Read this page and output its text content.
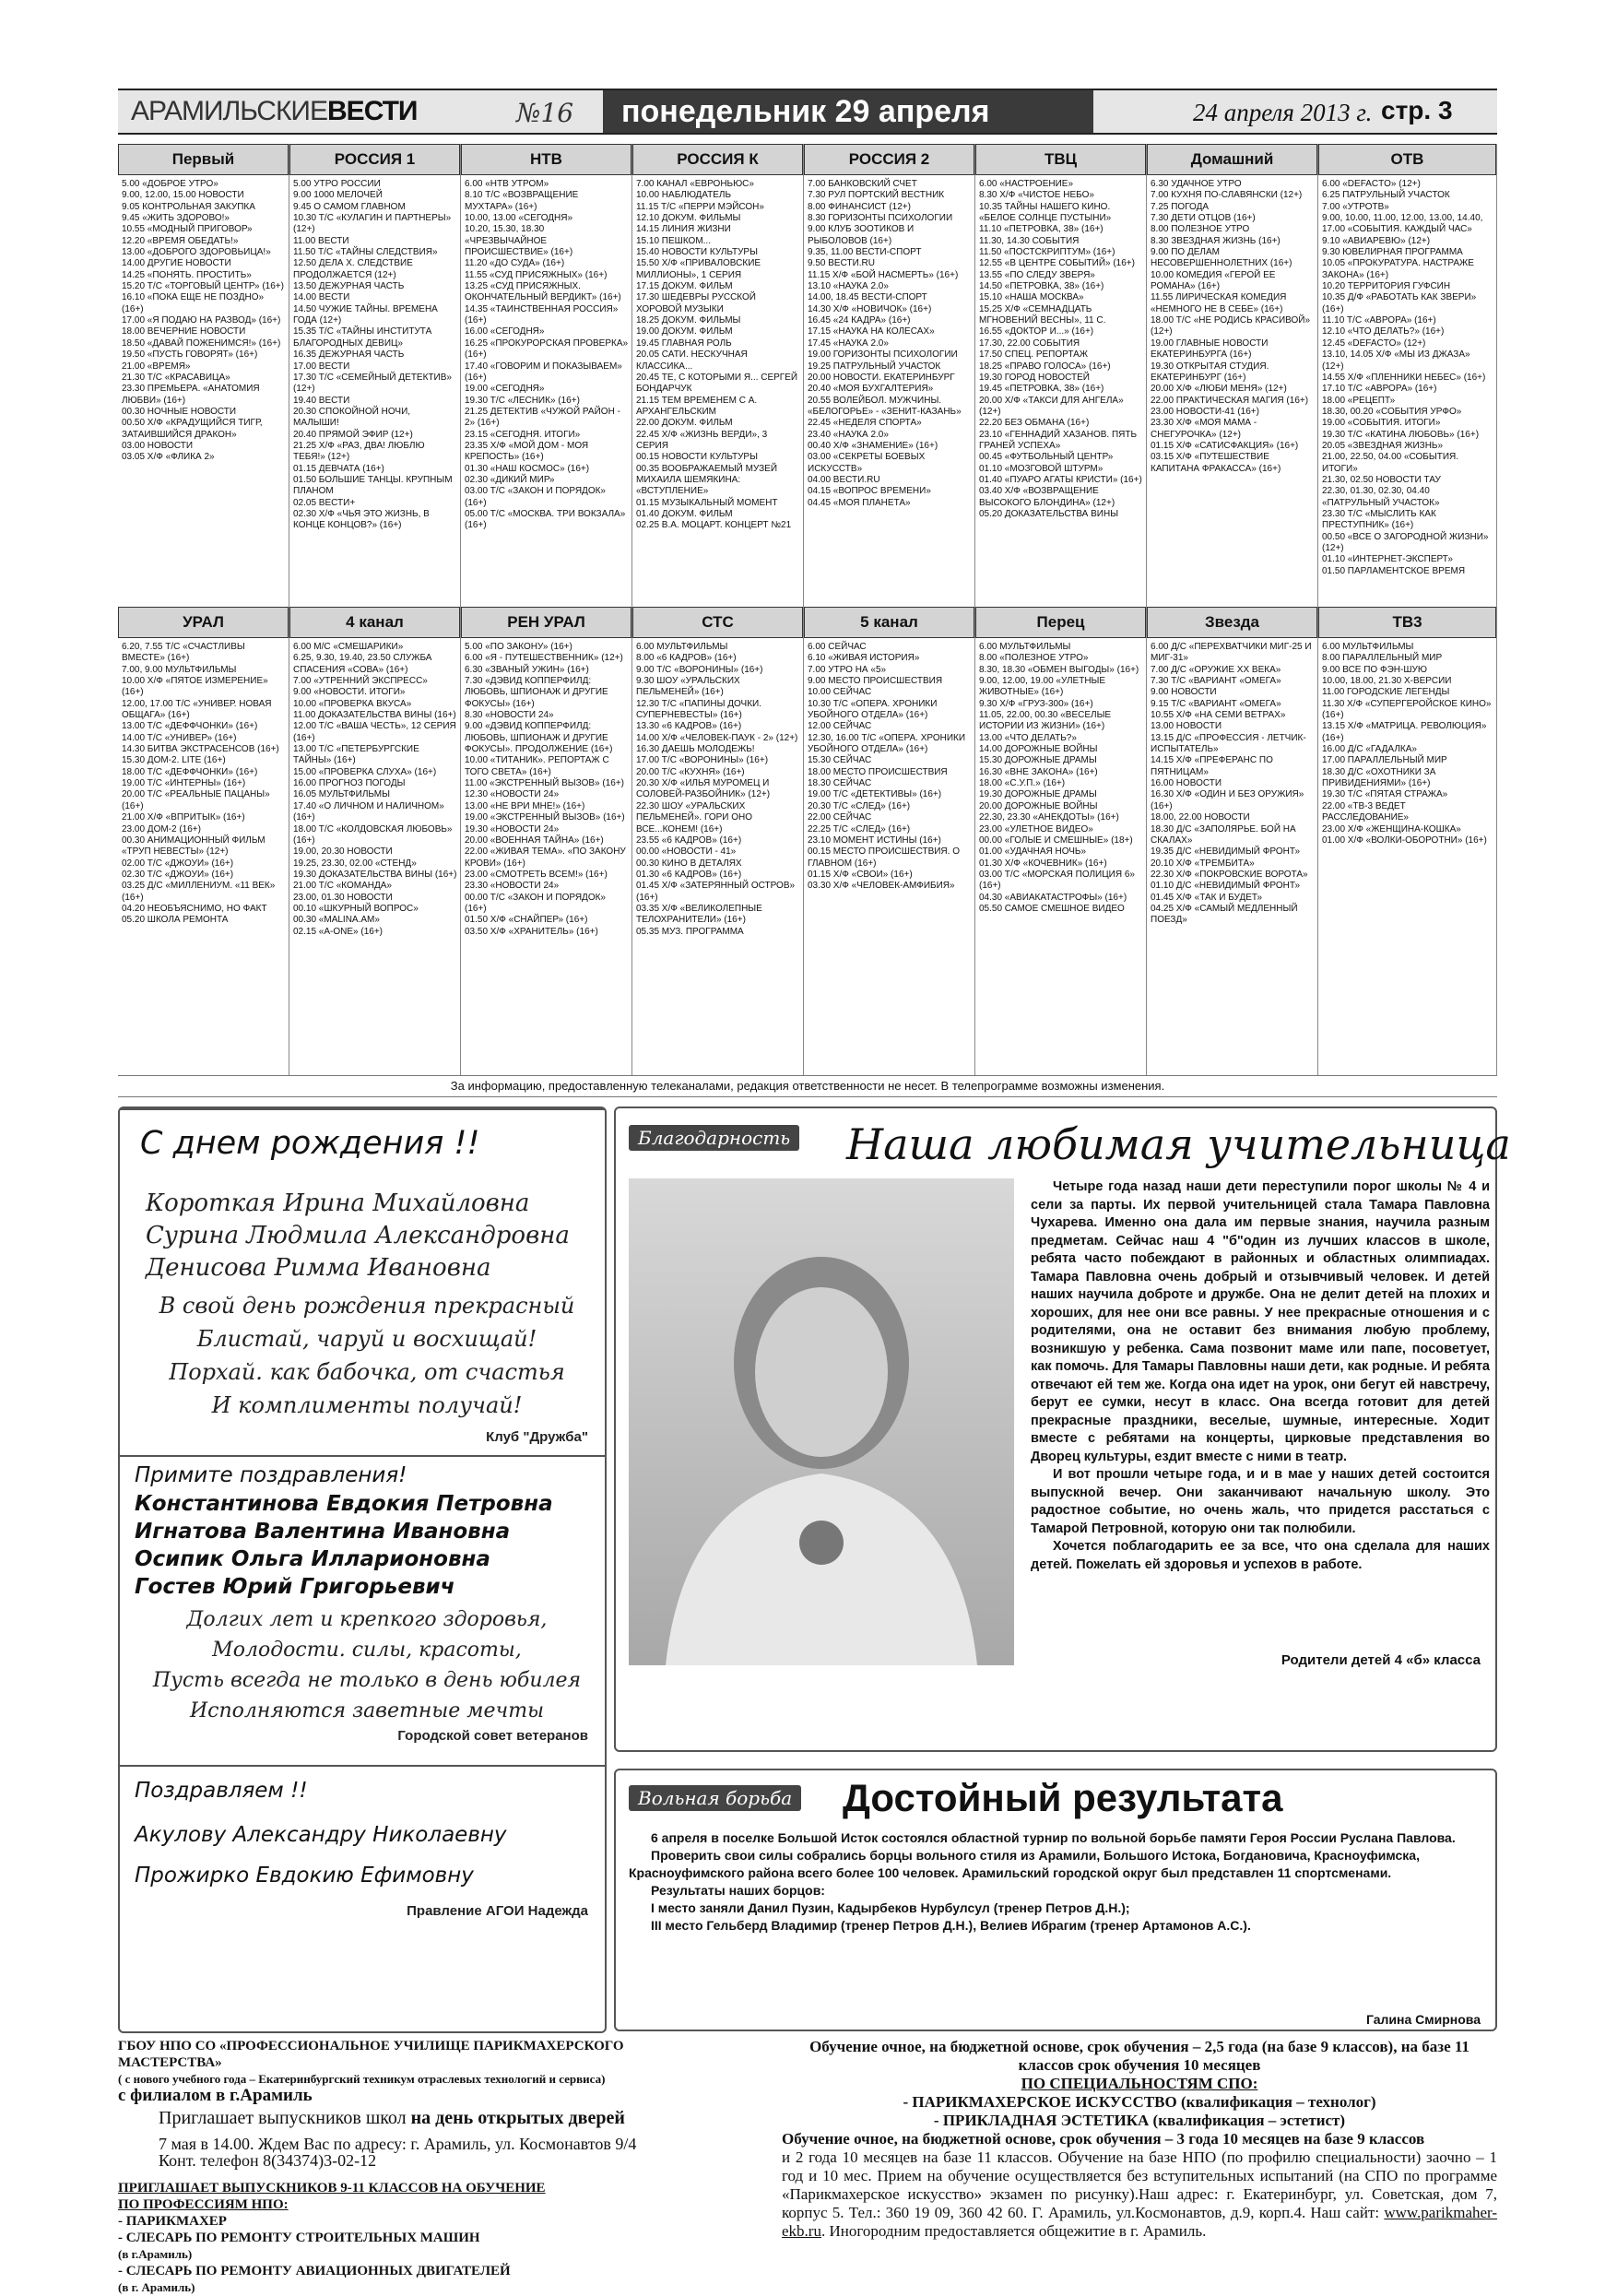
АРАМИЛЬСКИЕВЕСТИ	№16	понедельник 29 апреля	24 апреля 2013 г. стр. 3
Первый
5.00 «ДОБРОЕ УТРО»
9.00, 12.00, 15.00 НОВОСТИ
9.05 КОНТРОЛЬНАЯ ЗАКУПКА
9.45 «ЖИТЬ ЗДОРОВО!»
10.55 «МОДНЫЙ ПРИГОВОР»
12.20 «ВРЕМЯ ОБЕДАТЬ!»
13.00 «ДОБРОГО ЗДОРОВЬИЦА!»
14.00 ДРУГИЕ НОВОСТИ
14.25 «ПОНЯТЬ. ПРОСТИТЬ»
15.20 Т/С «ТОРГОВЫЙ ЦЕНТР» (16+)
16.10 «ПОКА ЕЩЕ НЕ ПОЗДНО» (16+)
17.00 «Я ПОДАЮ НА РАЗВОД» (16+)
18.00 ВЕЧЕРНИЕ НОВОСТИ
18.50 «ДАВАЙ ПОЖЕНИМСЯ!» (16+)
19.50 «ПУСТЬ ГОВОРЯТ» (16+)
21.00 «ВРЕМЯ»
21.30 Т/С «КРАСАВИЦА»
23.30 ПРЕМЬЕРА. «АНАТОМИЯ ЛЮБВИ» (16+)
00.30 НОЧНЫЕ НОВОСТИ
00.50 Х/Ф «КРАДУЩИЙСЯ ТИГР, ЗАТАИВШИЙСЯ ДРАКОН»
03.00 НОВОСТИ
03.05 Х/Ф «ФЛИКА 2»
УРАЛ
6.20, 7.55 Т/С «СЧАСТЛИВЫ ВМЕСТЕ» (16+)
7.00, 9.00 МУЛЬТФИЛЬМЫ
10.00 Х/Ф «ПЯТОЕ ИЗМЕРЕНИЕ» (16+)
12.00, 17.00 Т/С «УНИВЕР. НОВАЯ ОБЩАГА» (16+)
13.00 Т/С «ДЕФФЧОНКИ» (16+)
14.00 Т/С «УНИВЕР» (16+)
14.30 БИТВА ЭКСТРАСЕНСОВ (16+)
15.30 ДОМ-2. LITE (16+)
18.00 Т/С «ДЕФФЧОНКИ» (16+)
19.00 Т/С «ИНТЕРНЫ» (16+)
20.00 Т/С «РЕАЛЬНЫЕ ПАЦАНЫ» (16+)
21.00 Х/Ф «ВПРИТЫК» (16+)
23.00 ДОМ-2 (16+)
00.30 АНИМАЦИОННЫЙ ФИЛЬМ «ТРУП НЕВЕСТЫ» (12+)
02.00 Т/С «ДЖОУИ» (16+)
02.30 Т/С «ДЖОУИ» (16+)
03.25 Д/С «МИЛЛЕНИУМ. «11 ВЕК» (16+)
04.20 НЕОБЪЯСНИМО, НО ФАКТ
05.20 ШКОЛА РЕМОНТА
РОССИЯ 1
5.00 УТРО РОССИИ
9.00 1000 МЕЛОЧЕЙ
9.45 О САМОМ ГЛАВНОМ
10.30 Т/С «КУЛАГИН И ПАРТНЕРЫ» (12+)
11.00 ВЕСТИ
11.50 Т/С «ТАЙНЫ СЛЕДСТВИЯ»
12.50 ДЕЛА Х. СЛЕДСТВИЕ ПРОДОЛЖАЕТСЯ (12+)
13.50 ДЕЖУРНАЯ ЧАСТЬ
14.00 ВЕСТИ
14.50 ЧУЖИЕ ТАЙНЫ. ВРЕМЕНА ГОДА (12+)
15.35 Т/С «ТАЙНЫ ИНСТИТУТА БЛАГОРОДНЫХ ДЕВИЦ»
16.35 ДЕЖУРНАЯ ЧАСТЬ
17.00 ВЕСТИ
17.30 Т/С «СЕМЕЙНЫЙ ДЕТЕКТИВ» (12+)
19.40 ВЕСТИ
20.30 СПОКОЙНОЙ НОЧИ, МАЛЫШИ!
20.40 ПРЯМОЙ ЭФИР (12+)
21.25 Х/Ф «РАЗ, ДВА! ЛЮБЛЮ ТЕБЯ!» (12+)
01.15 ДЕВЧАТА (16+)
01.50 БОЛЬШИЕ ТАНЦЫ. КРУПНЫМ ПЛАНОМ
02.05 ВЕСТИ+
02.30 Х/Ф «ЧЬЯ ЭТО ЖИЗНЬ, В КОНЦЕ КОНЦОВ?» (16+)
4 канал
6.00 М/С «СМЕШАРИКИ»
6.25, 9.30, 19.40, 23.50 СЛУЖБА СПАСЕНИЯ «СОВА» (16+)
7.00 «УТРЕННИЙ ЭКСПРЕСС»
9.00 «НОВОСТИ. ИТОГИ»
10.00 «ПРОВЕРКА ВКУСА»
11.00 ДОКАЗАТЕЛЬСТВА ВИНЫ (16+)
12.00 Т/С «ВАША ЧЕСТЬ», 12 СЕРИЯ (16+)
13.00 Т/С «ПЕТЕРБУРГСКИЕ ТАЙНЫ» (16+)
15.00 «ПРОВЕРКА СЛУХА» (16+)
16.00 ПРОГНОЗ ПОГОДЫ
16.05 МУЛЬТФИЛЬМЫ
17.40 «О ЛИЧНОМ И НАЛИЧНОМ» (16+)
18.00 Т/С «КОЛДОВСКАЯ ЛЮБОВЬ» (16+)
19.00, 20.30 НОВОСТИ
19.25, 23.30, 02.00 «СТЕНД»
19.30 ДОКАЗАТЕЛЬСТВА ВИНЫ (16+)
21.00 Т/С «КОМАНДА»
23.00, 01.30 НОВОСТИ
00.10 «ШКУРНЫЙ ВОПРОС»
00.30 «MALINA.AM»
02.15 «A-ONE» (16+)
НТВ
6.00 «НТВ УТРОМ»
8.10 Т/С «ВОЗВРАЩЕНИЕ МУХТАРА» (16+)
10.00, 13.00 «СЕГОДНЯ»
10.20, 15.30, 18.30 «ЧРЕЗВЫЧАЙНОЕ ПРОИСШЕСТВИЕ» (16+)
11.20 «ДО СУДА» (16+)
11.55 «СУД ПРИСЯЖНЫХ» (16+)
13.25 «СУД ПРИСЯЖНЫХ. ОКОНЧАТЕЛЬНЫЙ ВЕРДИКТ» (16+)
14.35 «ТАИНСТВЕННАЯ РОССИЯ» (16+)
16.00 «СЕГОДНЯ»
16.25 «ПРОКУРОРСКАЯ ПРОВЕРКА» (16+)
17.40 «ГОВОРИМ И ПОКАЗЫВАЕМ» (16+)
19.00 «СЕГОДНЯ»
19.30 Т/С «ЛЕСНИК» (16+)
21.25 ДЕТЕКТИВ «ЧУЖОЙ РАЙОН - 2» (16+)
23.15 «СЕГОДНЯ. ИТОГИ»
23.35 Х/Ф «МОЙ ДОМ - МОЯ КРЕПОСТЬ» (16+)
01.30 «НАШ КОСМОС» (16+)
02.30 «ДИКИЙ МИР»
03.00 Т/С «ЗАКОН И ПОРЯДОК» (16+)
05.00 Т/С «МОСКВА. ТРИ ВОКЗАЛА» (16+)
РЕН УРАЛ
5.00 «ПО ЗАКОНУ» (16+)
6.00 «Я - ПУТЕШЕСТВЕННИК» (12+)
6.30 «ЗВАНЫЙ УЖИН» (16+)
7.30 «ДЭВИД КОППЕРФИЛД: ЛЮБОВЬ, ШПИОНАЖ И ДРУГИЕ ФОКУСЫ» (16+)
8.30 «НОВОСТИ 24»
9.00 «ДЭВИД КОППЕРФИЛД: ЛЮБОВЬ, ШПИОНАЖ И ДРУГИЕ ФОКУСЫ». ПРОДОЛЖЕНИЕ (16+)
10.00 «ТИТАНИК». РЕПОРТАЖ С ТОГО СВЕТА» (16+)
11.00 «ЭКСТРЕННЫЙ ВЫЗОВ» (16+)
12.30 «НОВОСТИ 24»
13.00 «НЕ ВРИ МНЕ!» (16+)
19.00 «ЭКСТРЕННЫЙ ВЫЗОВ» (16+)
19.30 «НОВОСТИ 24»
20.00 «ВОЕННАЯ ТАЙНА» (16+)
22.00 «ЖИВАЯ ТЕМА». «ПО ЗАКОНУ КРОВИ» (16+)
23.00 «СМОТРЕТЬ ВСЕМ!» (16+)
23.30 «НОВОСТИ 24»
00.00 Т/С «ЗАКОН И ПОРЯДОК» (16+)
01.50 Х/Ф «СНАЙПЕР» (16+)
03.50 Х/Ф «ХРАНИТЕЛЬ» (16+)
РОССИЯ К
7.00 КАНАЛ «ЕВРОНЬЮС»
10.00 НАБЛЮДАТЕЛЬ
11.15 Т/С «ПЕРРИ МЭЙСОН»
12.10 ДОКУМ. ФИЛЬМЫ
14.15 ЛИНИЯ ЖИЗНИ
15.10 ПЕШКОМ...
15.40 НОВОСТИ КУЛЬТУРЫ
15.50 Х/Ф «ПРИВАЛОВСКИЕ МИЛЛИОНЫ», 1 СЕРИЯ
17.15 ДОКУМ. ФИЛЬМ
17.30 ШЕДЕВРЫ РУССКОЙ ХОРОВОЙ МУЗЫКИ
18.25 ДОКУМ. ФИЛЬМЫ
19.00 ДОКУМ. ФИЛЬМ
19.45 ГЛАВНАЯ РОЛЬ
20.05 САТИ. НЕСКУЧНАЯ КЛАССИКА...
20.45 ТЕ, С КОТОРЫМИ Я... СЕРГЕЙ БОНДАРЧУК
21.15 ТЕМ ВРЕМЕНЕМ С А. АРХАНГЕЛЬСКИМ
22.00 ДОКУМ. ФИЛЬМ
22.45 Х/Ф «ЖИЗНЬ ВЕРДИ», 3 СЕРИЯ
00.15 НОВОСТИ КУЛЬТУРЫ
00.35 ВООБРАЖАЕМЫЙ МУЗЕЙ МИХАИЛА ШЕМЯКИНА: «ВСТУПЛЕНИЕ»
01.15 МУЗЫКАЛЬНЫЙ МОМЕНТ
01.40 ДОКУМ. ФИЛЬМ
02.25 В.А. МОЦАРТ. КОНЦЕРТ №21
СТС
6.00 МУЛЬТФИЛЬМЫ
8.00 «6 КАДРОВ» (16+)
9.00 Т/С «ВОРОНИНЫ» (16+)
9.30 ШОУ «УРАЛЬСКИХ ПЕЛЬМЕНЕЙ» (16+)
12.30 Т/С «ПАПИНЫ ДОЧКИ. СУПЕРНЕВЕСТЫ» (16+)
13.30 «6 КАДРОВ» (16+)
14.00 Х/Ф «ЧЕЛОВЕК-ПАУК - 2» (12+)
16.30 ДАЕШЬ МОЛОДЕЖЬ!
17.00 Т/С «ВОРОНИНЫ» (16+)
20.00 Т/С «КУХНЯ» (16+)
20.30 Х/Ф «ИЛЬЯ МУРОМЕЦ И СОЛОВЕЙ-РАЗБОЙНИК» (12+)
22.30 ШОУ «УРАЛЬСКИХ ПЕЛЬМЕНЕЙ». ГОРИ ОНО ВСЕ...КОНЕМ! (16+)
23.55 «6 КАДРОВ» (16+)
00.00 «НОВОСТИ - 41»
00.30 КИНО В ДЕТАЛЯХ
01.30 «6 КАДРОВ» (16+)
01.45 Х/Ф «ЗАТЕРЯННЫЙ ОСТРОВ» (16+)
03.35 Х/Ф «ВЕЛИКОЛЕПНЫЕ ТЕЛОХРАНИТЕЛИ» (16+)
05.35 МУЗ. ПРОГРАММА
РОССИЯ 2
7.00 БАНКОВСКИЙ СЧЕТ
7.30 РУЛ ПОРТСКИЙ ВЕСТНИК
8.00 ФИНАНСИСТ (12+)
8.30 ГОРИЗОНТЫ ПСИХОЛОГИИ
9.00 КЛУБ ЗООТИКОВ И РЫБОЛОВОВ (16+)
9.35, 11.00 ВЕСТИ-СПОРТ
9.50 ВЕСТИ.RU
11.15 Х/Ф «БОЙ НАСМЕРТЬ» (16+)
13.10 «НАУКА 2.0»
14.00, 18.45 ВЕСТИ-СПОРТ
14.30 Х/Ф «НОВИЧОК» (16+)
16.45 «24 КАДРА» (16+)
17.15 «НАУКА НА КОЛЕСАХ»
17.45 «НАУКА 2.0»
19.00 ГОРИЗОНТЫ ПСИХОЛОГИИ
19.25 ПАТРУЛЬНЫЙ УЧАСТОК
20.00 НОВОСТИ. ЕКАТЕРИНБУРГ
20.40 «МОЯ БУХГАЛТЕРИЯ»
20.55 ВОЛЕЙБОЛ. МУЖЧИНЫ. «БЕЛОГОРЬЕ» - «ЗЕНИТ-КАЗАНЬ»
22.45 «НЕДЕЛЯ СПОРТА»
23.40 «НАУКА 2.0»
00.40 Х/Ф «ЗНАМЕНИЕ» (16+)
03.00 «СЕКРЕТЫ БОЕВЫХ ИСКУССТВ»
04.00 ВЕСТИ.RU
04.15 «ВОПРОС ВРЕМЕНИ»
04.45 «МОЯ ПЛАНЕТА»
5 канал
6.00 СЕЙЧАС
6.10 «ЖИВАЯ ИСТОРИЯ»
7.00 УТРО НА «5»
9.00 МЕСТО ПРОИСШЕСТВИЯ
10.00 СЕЙЧАС
10.30 Т/С «ОПЕРА. ХРОНИКИ УБОЙНОГО ОТДЕЛА» (16+)
12.00 СЕЙЧАС
12.30, 16.00 Т/С «ОПЕРА. ХРОНИКИ УБОЙНОГО ОТДЕЛА» (16+)
15.30 СЕЙЧАС
18.00 МЕСТО ПРОИСШЕСТВИЯ
18.30 СЕЙЧАС
19.00 Т/С «ДЕТЕКТИВЫ» (16+)
20.30 Т/С «СЛЕД» (16+)
22.00 СЕЙЧАС
22.25 Т/С «СЛЕД» (16+)
23.10 МОМЕНТ ИСТИНЫ (16+)
00.15 МЕСТО ПРОИСШЕСТВИЯ. О ГЛАВНОМ (16+)
01.15 Х/Ф «СВОИ» (16+)
03.30 Х/Ф «ЧЕЛОВЕК-АМФИБИЯ»
ТВЦ
6.00 «НАСТРОЕНИЕ»
8.30 Х/Ф «ЧИСТОЕ НЕБО»
10.35 ТАЙНЫ НАШЕГО КИНО. «БЕЛОЕ СОЛНЦЕ ПУСТЫНИ»
11.10 «ПЕТРОВКА, 38» (16+)
11.30, 14.30 СОБЫТИЯ
11.50 «ПОСТСКРИПТУМ» (16+)
12.55 «В ЦЕНТРЕ СОБЫТИЙ» (16+)
13.55 «ПО СЛЕДУ ЗВЕРЯ»
14.50 «ПЕТРОВКА, 38» (16+)
15.10 «НАША МОСКВА»
15.25 Х/Ф «СЕМНАДЦАТЬ МГНОВЕНИЙ ВЕСНЫ», 11 С.
16.55 «ДОКТОР И...» (16+)
17.30, 22.00 СОБЫТИЯ
17.50 СПЕЦ. РЕПОРТАЖ
18.25 «ПРАВО ГОЛОСА» (16+)
19.30 ГОРОД НОВОСТЕЙ
19.45 «ПЕТРОВКА, 38» (16+)
20.00 Х/Ф «ТАКСИ ДЛЯ АНГЕЛА» (12+)
22.20 БЕЗ ОБМАНА (16+)
23.10 «ГЕННАДИЙ ХАЗАНОВ. ПЯТЬ ГРАНЕЙ УСПЕХА»
00.45 «ФУТБОЛЬНЫЙ ЦЕНТР»
01.10 «МОЗГОВОЙ ШТУРМ»
01.40 «ПУАРО АГАТЫ КРИСТИ» (16+)
03.40 Х/Ф «ВОЗВРАЩЕНИЕ ВЫСОКОГО БЛОНДИНА» (12+)
05.20 ДОКАЗАТЕЛЬСТВА ВИНЫ
Перец
6.00 МУЛЬТФИЛЬМЫ
8.00 «ПОЛЕЗНОЕ УТРО»
8.30, 18.30 «ОБМЕН ВЫГОДЫ» (16+)
9.00, 12.00, 19.00 «УЛЕТНЫЕ ЖИВОТНЫЕ» (16+)
9.30 Х/Ф «ГРУЗ-300» (16+)
11.05, 22.00, 00.30 «ВЕСЕЛЫЕ ИСТОРИИ ИЗ ЖИЗНИ» (16+)
13.00 «ЧТО ДЕЛАТЬ?»
14.00 ДОРОЖНЫЕ ВОЙНЫ
15.30 ДОРОЖНЫЕ ДРАМЫ
16.30 «ВНЕ ЗАКОНА» (16+)
18.00 «С.У.П.» (16+)
19.30 ДОРОЖНЫЕ ДРАМЫ
20.00 ДОРОЖНЫЕ ВОЙНЫ
22.30, 23.30 «АНЕКДОТЫ» (16+)
23.00 «УЛЕТНОЕ ВИДЕО»
00.00 «ГОЛЫЕ И СМЕШНЫЕ» (18+)
01.00 «УДАЧНАЯ НОЧЬ»
01.30 Х/Ф «КОЧЕВНИК» (16+)
03.00 Т/С «МОРСКАЯ ПОЛИЦИЯ 6» (16+)
04.30 «АВИАКАТАСТРОФЫ» (16+)
05.50 САМОЕ СМЕШНОЕ ВИДЕО
Домашний
6.30 УДАЧНОЕ УТРО
7.00 КУХНЯ ПО-СЛАВЯНСКИ (12+)
7.25 ПОГОДА
7.30 ДЕТИ ОТЦОВ (16+)
8.00 ПОЛЕЗНОЕ УТРО
8.30 ЗВЕЗДНАЯ ЖИЗНЬ (16+)
9.00 ПО ДЕЛАМ НЕСОВЕРШЕННОЛЕТНИХ (16+)
10.00 КОМЕДИЯ «ГЕРОЙ ЕЕ РОМАНА» (16+)
11.55 ЛИРИЧЕСКАЯ КОМЕДИЯ «НЕМНОГО НЕ В СЕБЕ» (16+)
18.00 Т/С «НЕ РОДИСЬ КРАСИВОЙ» (12+)
19.00 ГЛАВНЫЕ НОВОСТИ ЕКАТЕРИНБУРГА (16+)
19.30 ОТКРЫТАЯ СТУДИЯ. ЕКАТЕРИНБУРГ (16+)
20.00 Х/Ф «ЛЮБИ МЕНЯ» (12+)
22.00 ПРАКТИЧЕСКАЯ МАГИЯ (16+)
23.00 НОВОСТИ-41 (16+)
23.30 Х/Ф «МОЯ МАМА - СНЕГУРОЧКА» (12+)
01.15 Х/Ф «САТИСФАКЦИЯ» (16+)
03.15 Х/Ф «ПУТЕШЕСТВИЕ КАПИТАНА ФРАКАССА» (16+)
Звезда
6.00 Д/С «ПЕРЕХВАТЧИКИ МИГ-25 И МИГ-31»
7.00 Д/С «ОРУЖИЕ XX ВЕКА»
7.30 Т/С «ВАРИАНТ «ОМЕГА»
9.00 НОВОСТИ
9.15 Т/С «ВАРИАНТ «ОМЕГА»
10.55 Х/Ф «НА СЕМИ ВЕТРАХ»
13.00 НОВОСТИ
13.15 Д/С «ПРОФЕССИЯ - ЛЕТЧИК-ИСПЫТАТЕЛЬ»
14.15 Х/Ф «ПРЕФЕРАНС ПО ПЯТНИЦАМ»
16.00 НОВОСТИ
16.30 Х/Ф «ОДИН И БЕЗ ОРУЖИЯ» (16+)
18.00, 22.00 НОВОСТИ
18.30 Д/С «ЗАПОЛЯРЬЕ. БОЙ НА СКАЛАХ»
19.35 Д/С «НЕВИДИМЫЙ ФРОНТ»
20.10 Х/Ф «ТРЕМБИТА»
22.30 Х/Ф «ПОКРОВСКИЕ ВОРОТА»
01.10 Д/С «НЕВИДИМЫЙ ФРОНТ»
01.45 Х/Ф «ТАК И БУДЕТ»
04.25 Х/Ф «САМЫЙ МЕДЛЕННЫЙ ПОЕЗД»
ОТВ
6.00 «DEFACTO» (12+)
6.25 ПАТРУЛЬНЫЙ УЧАСТОК
7.00 «УТРОТВ»
9.00, 10.00, 11.00, 12.00, 13.00, 14.40, 17.00 «СОБЫТИЯ. КАЖДЫЙ ЧАС»
9.10 «АВИАРЕВЮ» (12+)
9.30 ЮВЕЛИРНАЯ ПРОГРАММА
10.05 «ПРОКУРАТУРА. НАСТРАЖЕ ЗАКОНА» (16+)
10.20 ТЕРРИТОРИЯ ГУФСИН
10.35 Д/Ф «РАБОТАТЬ КАК ЗВЕРИ» (16+)
11.10 Т/С «АВРОРА» (16+)
12.10 «ЧТО ДЕЛАТЬ?» (16+)
12.45 «DEFACTO» (12+)
13.10, 14.05 Х/Ф «МЫ ИЗ ДЖАЗА» (12+)
14.55 Х/Ф «ПЛЕННИКИ НЕБЕС» (16+)
17.10 Т/С «АВРОРА» (16+)
18.00 «РЕЦЕПТ»
18.30, 00.20 «СОБЫТИЯ УРФО»
19.00 «СОБЫТИЯ. ИТОГИ»
19.30 Т/С «КАТИНА ЛЮБОВЬ» (16+)
20.05 «ЗВЕЗДНАЯ ЖИЗНЬ»
21.00, 22.50, 04.00 «СОБЫТИЯ. ИТОГИ»
21.30, 02.50 НОВОСТИ ТАУ
22.30, 01.30, 02.30, 04.40 «ПАТРУЛЬНЫЙ УЧАСТОК»
23.30 Т/С «МЫСЛИТЬ КАК ПРЕСТУПНИК» (16+)
00.50 «ВСЕ О ЗАГОРОДНОЙ ЖИЗНИ» (12+)
01.10 «ИНТЕРНЕТ-ЭКСПЕРТ»
01.50 ПАРЛАМЕНТСКОЕ ВРЕМЯ
ТВ3
6.00 МУЛЬТФИЛЬМЫ
8.00 ПАРАЛЛЕЛЬНЫЙ МИР
9.00 ВСЕ ПО ФЭН-ШУЮ
10.00, 18.00, 21.30 Х-ВЕРСИИ
11.00 ГОРОДСКИЕ ЛЕГЕНДЫ
11.30 Х/Ф «СУПЕРГЕРОЙСКОЕ КИНО» (16+)
13.15 Х/Ф «МАТРИЦА. РЕВОЛЮЦИЯ» (16+)
16.00 Д/С «ГАДАЛКА»
17.00 ПАРАЛЛЕЛЬНЫЙ МИР
18.30 Д/С «ОХОТНИКИ ЗА ПРИВИДЕНИЯМИ» (16+)
19.30 Т/С «ПЯТАЯ СТРАЖА»
22.00 «ТВ-3 ВЕДЕТ РАССЛЕДОВАНИЕ»
23.00 Х/Ф «ЖЕНЩИНА-КОШКА»
01.00 Х/Ф «ВОЛКИ-ОБОРОТНИ» (16+)
За информацию, предоставленную телеканалами, редакция ответственности не несет. В телепрограмме возможны изменения.
С днем рождения !!
Короткая Ирина Михайловна
Сурина Людмила Александровна
Денисова Римма Ивановна
В свой день рождения прекрасный
Блистай, чаруй и восхищай!
Порхай. как бабочка, от счастья
И комплименты получай!
Клуб "Дружба"
Примите поздравления!
Константинова Евдокия Петровна
Игнатова Валентина Ивановна
Осипик Ольга Илларионовна
Гостев Юрий Григорьевич
Долгих лет и крепкого здоровья,
Молодости. силы, красоты,
Пусть всегда не только в день юбилея
Исполняются заветные мечты
Городской совет ветеранов
Поздравляем !!
Акулову Александру Николаевну
Прожирко Евдокию Ефимовну
Правление АГОИ Надежда
Благодарность Наша любимая учительница

Четыре года назад наши дети переступили порог школы № 4 и сели за парты. Их первой учительницей стала Тамара Павловна Чухарева. Именно она дала им первые знания, научила разным предметам. Сейчас наш 4 "б"один из лучших классов в школе, ребята часто побеждают в районных и областных олимпиадах. Тамара Павловна очень добрый и отзывчивый человек. И детей наших научила доброте и дружбе. Она не делит детей на плохих и хороших, для нее они все равны. У нее прекрасные отношения и с родителями, она не оставит без внимания любую проблему, возникшую у ребенка. Сама позвонит маме или папе, посоветует, как помочь. Для Тамары Павловны наши дети, как родные. И ребята отвечают ей тем же. Когда она идет на урок, они бегут ей навстречу, берут ее сумки, несут в класс. Она всегда готовит для детей прекрасные праздники, веселые, шумные, интересные. Ходит вместе с ребятами на концерты, цирковые представления во Дворец культуры, ездит вместе с ними в театр.

И вот прошли четыре года, и и в мае у наших детей состоится выпускной вечер. Они заканчивают начальную школу. Это радостное событие, но очень жаль, что придется расстаться с Тамарой Петровной, которую они так полюбили.

Хочется поблагодарить ее за все, что она сделала для наших детей. Пожелать ей здоровья и успехов в работе.

Родители детей 4 «б» класса
Вольная борьба Достойный результата

6 апреля в поселке Большой Исток состоялся областной турнир по вольной борьбе памяти Героя России Руслана Павлова.

Проверить свои силы собрались борцы вольного стиля из Арамили, Большого Истока, Богдановича, Красноуфимска, Красноуфимского района всего более 100 человек. Арамильский городской округ был представлен 11 спортсменами.

Результаты наших борцов:

I место заняли Данил Пузин, Кадырбеков Нурбулсул (тренер Петров Д.Н.);

III место Гельберд Владимир (тренер Петров Д.Н.), Велиев Ибрагим (тренер Артамонов А.С.).

Галина Смирнова
ГБОУ НПО СО «ПРОФЕССИОНАЛЬНОЕ УЧИЛИЩЕ ПАРИКМАХЕРСКОГО МАСТЕРСТВА»
( с нового учебного года – Екатеринбургский техникум отраслевых технологий и сервиса)
с филиалом в г.Арамиль
Приглашает выпускников школ на день открытых дверей
7 мая в 14.00. Ждем Вас по адресу: г. Арамиль, ул. Космонавтов 9/4
Конт. телефон 8(34374)3-02-12
ПРИГЛАШАЕТ ВЫПУСКНИКОВ 9-11 КЛАССОВ НА ОБУЧЕНИЕ
ПО ПРОФЕССИЯМ НПО:
- ПАРИКМАХЕР
- СЛЕСАРЬ ПО РЕМОНТУ СТРОИТЕЛЬНЫХ МАШИН
(в г.Арамиль)
- СЛЕСАРЬ ПО РЕМОНТУ АВИАЦИОННЫХ ДВИГАТЕЛЕЙ
(в г. Арамиль)
Обучение очное, на бюджетной основе, срок обучения – 2,5 года (на базе 9 классов), на базе 11 классов срок обучения 10 месяцев
ПО СПЕЦИАЛЬНОСТЯМ СПО:
- ПАРИКМАХЕРСКОЕ ИСКУССТВО (квалификация – технолог)
- ПРИКЛАДНАЯ ЭСТЕТИКА (квалификация – эстетист)
Обучение очное, на бюджетной основе, срок обучения – 3 года 10 месяцев на базе 9 классов
и 2 года 10 месяцев на базе 11 классов. Обучение на базе НПО (по профилю специальности) заочно – 1 год и 10 мес. Прием на обучение осуществляется без вступительных испытаний (на СПО по программе «Парикмахерское искусство» экзамен по рисунку).Наш адрес: г. Екатеринбург, ул. Советская, дом 7, корпус 5. Тел.: 360 19 09, 360 42 60. Г. Арамиль, ул.Космонавтов, д.9, корп.4. Наш сайт: www.parikmaher-ekb.ru. Иногородним предоставляется общежитие в г. Арамиль.
